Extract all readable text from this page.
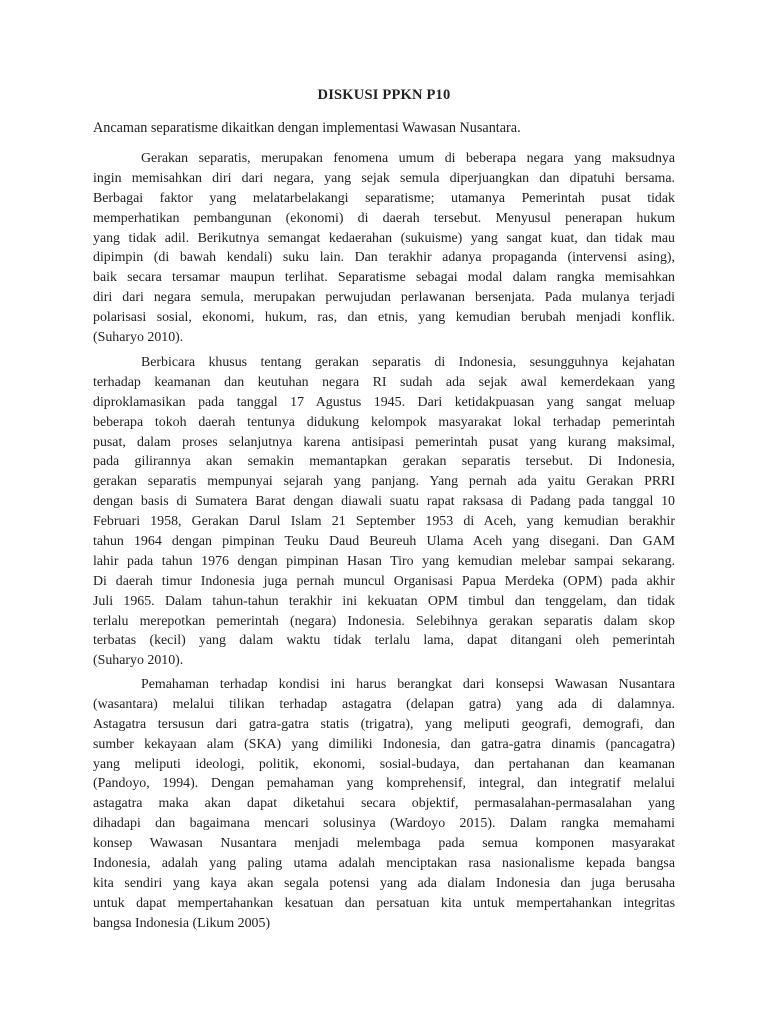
DISKUSI PPKN P10
Ancaman separatisme dikaitkan dengan implementasi Wawasan Nusantara.
Gerakan separatis, merupakan fenomena umum di beberapa negara yang maksudnya
ingin memisahkan diri dari negara, yang sejak semula diperjuangkan dan dipatuhi bersama.
Berbagai faktor yang melatarbelakangi separatisme; utamanya Pemerintah pusat tidak
memperhatikan pembangunan (ekonomi) di daerah tersebut. Menyusul penerapan hukum
yang tidak adil. Berikutnya semangat kedaerahan (sukuisme) yang sangat kuat, dan tidak mau
dipimpin (di bawah kendali) suku lain. Dan terakhir adanya propaganda (intervensi asing),
baik secara tersamar maupun terlihat. Separatisme sebagai modal dalam rangka memisahkan
diri dari negara semula, merupakan perwujudan perlawanan bersenjata. Pada mulanya terjadi
polarisasi sosial, ekonomi, hukum, ras, dan etnis, yang kemudian berubah menjadi konflik.
(Suharyo 2010).
Berbicara khusus tentang gerakan separatis di Indonesia, sesungguhnya kejahatan
terhadap keamanan dan keutuhan negara RI sudah ada sejak awal kemerdekaan yang
diproklamasikan pada tanggal 17 Agustus 1945. Dari ketidakpuasan yang sangat meluap
beberapa tokoh daerah tentunya didukung kelompok masyarakat lokal terhadap pemerintah
pusat, dalam proses selanjutnya karena antisipasi pemerintah pusat yang kurang maksimal,
pada gilirannya akan semakin memantapkan gerakan separatis tersebut. Di Indonesia,
gerakan separatis mempunyai sejarah yang panjang. Yang pernah ada yaitu Gerakan PRRI
dengan basis di Sumatera Barat dengan diawali suatu rapat raksasa di Padang pada tanggal 10
Februari 1958, Gerakan Darul Islam 21 September 1953 di Aceh, yang kemudian berakhir
tahun 1964 dengan pimpinan Teuku Daud Beureuh Ulama Aceh yang disegani. Dan GAM
lahir pada tahun 1976 dengan pimpinan Hasan Tiro yang kemudian melebar sampai sekarang.
Di daerah timur Indonesia juga pernah muncul Organisasi Papua Merdeka (OPM) pada akhir
Juli 1965. Dalam tahun-tahun terakhir ini kekuatan OPM timbul dan tenggelam, dan tidak
terlalu merepotkan pemerintah (negara) Indonesia. Selebihnya gerakan separatis dalam skop
terbatas (kecil) yang dalam waktu tidak terlalu lama, dapat ditangani oleh pemerintah
(Suharyo 2010).
Pemahaman terhadap kondisi ini harus berangkat dari konsepsi Wawasan Nusantara
(wasantara) melalui tilikan terhadap astagatra (delapan gatra) yang ada di dalamnya.
Astagatra tersusun dari gatra-gatra statis (trigatra), yang meliputi geografi, demografi, dan
sumber kekayaan alam (SKA) yang dimiliki Indonesia, dan gatra-gatra dinamis (pancagatra)
yang meliputi ideologi, politik, ekonomi, sosial-budaya, dan pertahanan dan keamanan
(Pandoyo, 1994). Dengan pemahaman yang komprehensif, integral, dan integratif melalui
astagatra maka akan dapat diketahui secara objektif, permasalahan-permasalahan yang
dihadapi dan bagaimana mencari solusinya (Wardoyo 2015). Dalam rangka memahami
konsep Wawasan Nusantara menjadi melembaga pada semua komponen masyarakat
Indonesia, adalah yang paling utama adalah menciptakan rasa nasionalisme kepada bangsa
kita sendiri yang kaya akan segala potensi yang ada dialam Indonesia dan juga berusaha
untuk dapat mempertahankan kesatuan dan persatuan kita untuk mempertahankan integritas
bangsa Indonesia (Likum 2005)
